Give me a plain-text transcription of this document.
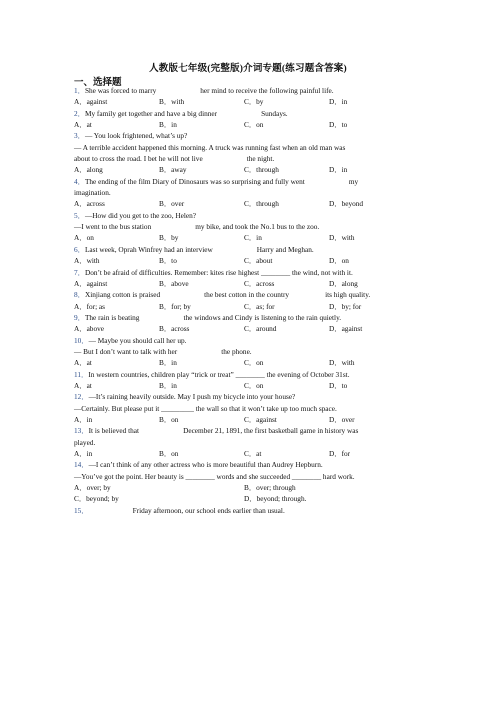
人教版七年级(完整版)介词专题(练习题含答案)
一、选择题
1．She was forced to marry	her mind to receive the following painful life.
A．against	B．with	C．by	D．in
2．My family get together and have a big dinner	Sundays.
A．at	B．in	C．on	D．to
3．— You look frightened, what’s up?
— A terrible accident happened this morning. A truck was running fast when an old man was
about to cross the road. I bet he will not live	the night.
A．along	B．away	C．through	D．in
4．The ending of the film Diary of Dinosaurs was so surprising and fully went	my
imagination.
A．across	B．over	C．through	D．beyond
5．—How did you get to the zoo, Helen?
—I went to the bus station	my bike, and took the No.1 bus to the zoo.
A．on	B．by	C．in	D．with
6．Last week, Oprah Winfrey had an interview	Harry and Meghan.
A．with	B．to	C．about	D．on
7．Don’t be afraid of difficulties. Remember: kites rise highest ________ the wind, not with it.
A．against	B．above	C．across	D．along
8．Xinjiang cotton is praised	the best cotton in the country	its high quality.
A．for; as	B．for; by	C．as; for	D．by; for
9．The rain is beating	the windows and Cindy is listening to the rain quietly.
A．above	B．across	C．around	D．against
10．— Maybe you should call her up.
— But I don’t want to talk with her	the phone.
A．at	B．in	C．on	D．with
11．In western countries, children play “trick or treat” ________ the evening of October 31st.
A．at	B．in	C．on	D．to
12．—It’s raining heavily outside. May I push my bicycle into your house?
—Certainly. But please put it _________ the wall so that it won’t take up too much space.
A．in	B．on	C．against	D．over
13．It is believed that	December 21, 1891, the first basketball game in history was
played.
A．in	B．on	C．at	D．for
14．—I can’t think of any other actress who is more beautiful than Audrey Hepburn.
—You’ve got the point. Her beauty is ________ words and she succeeded ________ hard work.
A．over; by	B．over; through
C．beyond; by	D．beyond; through.
15．	Friday afternoon, our school ends earlier than usual.
